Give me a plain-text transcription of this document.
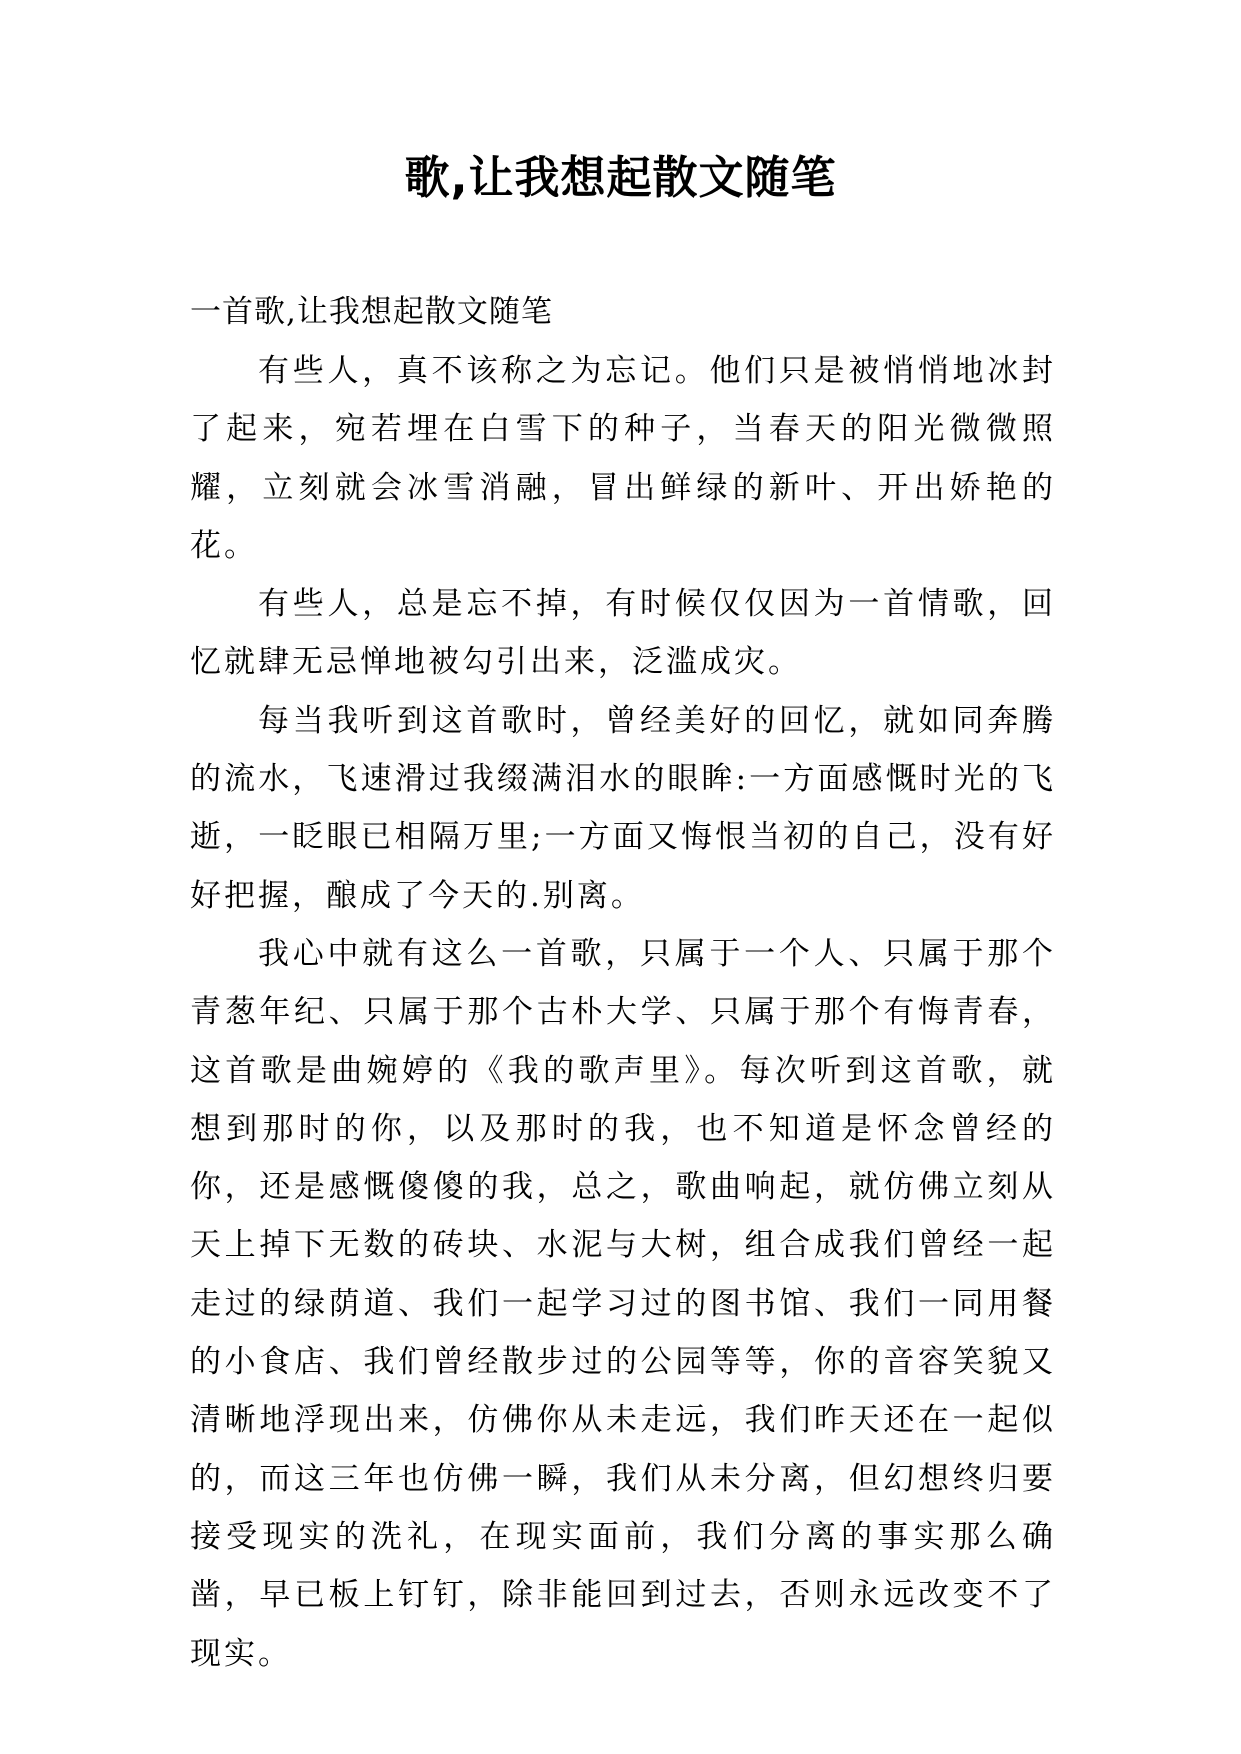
歌,让我想起散文随笔
一首歌,让我想起散文随笔

有些人，真不该称之为忘记。他们只是被悄悄地冰封了起来，宛若埋在白雪下的种子，当春天的阳光微微照耀，立刻就会冰雪消融，冒出鲜绿的新叶、开出娇艳的花。

有些人，总是忘不掉，有时候仅仅因为一首情歌，回忆就肆无忌惮地被勾引出来，泛滥成灾。

每当我听到这首歌时，曾经美好的回忆，就如同奔腾的流水，飞速滑过我缀满泪水的眼眸:一方面感慨时光的飞逝，一眨眼已相隔万里;一方面又悔恨当初的自己，没有好好把握，酿成了今天的.别离。

我心中就有这么一首歌，只属于一个人、只属于那个青葱年纪、只属于那个古朴大学、只属于那个有悔青春，这首歌是曲婉婷的《我的歌声里》。每次听到这首歌，就想到那时的你，以及那时的我，也不知道是怀念曾经的你，还是感慨傻傻的我，总之，歌曲响起，就仿佛立刻从天上掉下无数的砖块、水泥与大树，组合成我们曾经一起走过的绿荫道、我们一起学习过的图书馆、我们一同用餐的小食店、我们曾经散步过的公园等等，你的音容笑貌又清晰地浮现出来，仿佛你从未走远，我们昨天还在一起似的，而这三年也仿佛一瞬，我们从未分离，但幻想终归要接受现实的洗礼，在现实面前，我们分离的事实那么确凿，早已板上钉钉，除非能回到过去，否则永远改变不了现实。
